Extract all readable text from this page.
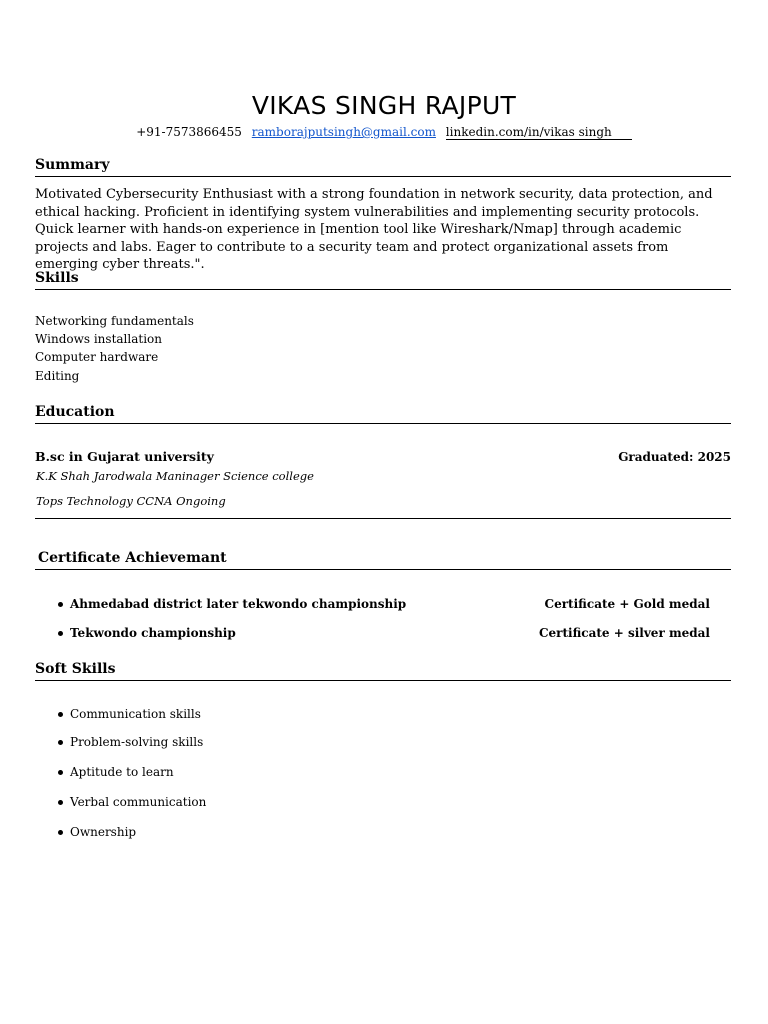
VIKAS SINGH RAJPUT
+91-7573866455 ramborajputsingh@gmail.com linkedin.com/in/vikas singh
Summary

Motivated Cybersecurity Enthusiast with a strong foundation in network security, data protection, and ethical hacking. Proficient in identifying system vulnerabilities and implementing security protocols. Quick learner with hands-on experience in [mention tool like Wireshark/Nmap] through academic projects and labs. Eager to contribute to a security team and protect organizational assets from emerging cyber threats.".

Skills
Networking fundamentals
Windows installation
Computer hardware
Editing
Education
B.sc in Gujarat university	Graduated: 2025
K.K Shah Jarodwala Maninager Science college
Tops Technology CCNA Ongoing
Certificate Achievemant
Ahmedabad district later tekwondo championship	Certificate + Gold medal
Tekwondo championship	Certificate + silver medal
Soft Skills
Communication skills
Problem-solving skills
Aptitude to learn
Verbal communication
Ownership
